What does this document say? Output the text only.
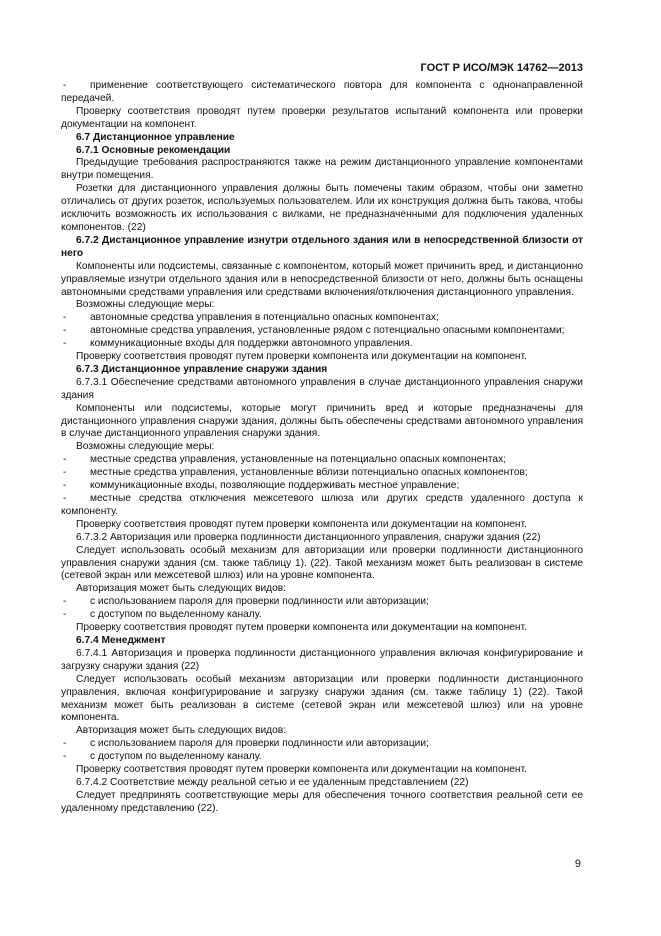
ГОСТ Р ИСО/МЭК 14762—2013

- применение соответствующего систематического повтора для компонента с однонаправленной передачей.

Проверку соответствия проводят путем проверки результатов испытаний компонента или проверки документации на компонент.

6.7 Дистанционное управление

6.7.1 Основные рекомендации

Предыдущие требования распространяются также на режим дистанционного управление компонентами внутри помещения.

Розетки для дистанционного управления должны быть помечены таким образом, чтобы они заметно отличались от других розеток, используемых пользователем. Или их конструкция должна быть такова, чтобы исключить возможность их использования с вилками, не предназначенными для подключения удаленных компонентов. (22)

6.7.2 Дистанционное управление изнутри отдельного здания или в непосредственной близости от него

Компоненты или подсистемы, связанные с компонентом, который может причинить вред, и дистанционно управляемые изнутри отдельного здания или в непосредственной близости от него, должны быть оснащены автономными средствами управления или средствами включения/отключения дистанционного управления.

Возможны следующие меры:

-	автономные средства управления в потенциально опасных компонентах;

- автономные средства управления, установленные рядом с потенциально опасными компонентами;

-	коммуникационные входы для поддержки автономного управления.

Проверку соответствия проводят путем проверки компонента или документации на компонент.

6.7.3 Дистанционное управление снаружи здания

6.7.3.1 Обеспечение средствами автономного управления в случае дистанционного управления снаружи здания

Компоненты или подсистемы, которые могут причинить вред и которые предназначены для дистанционного управления снаружи здания, должны быть обеспечены средствами автономного управления в случае дистанционного управления снаружи здания.

Возможны следующие меры:

-	местные средства управления, установленные на потенциально опасных компонентах;

-	местные средства управления, установленные вблизи потенциально опасных компонентов;

-	коммуникационные входы, позволяющие поддерживать местное управление;

- местные средства отключения межсетевого шлюза или других средств удаленного доступа к компоненту.

Проверку соответствия проводят путем проверки компонента или документации на компонент.

6.7.3.2 Авторизация или проверка подлинности дистанционного управления, снаружи здания (22)

Следует использовать особый механизм для авторизации или проверки подлинности дистанционного управления снаружи здания (см. также таблицу 1). (22). Такой механизм может быть реализован в системе (сетевой экран или межсетевой шлюз) или на уровне компонента.

Авторизация может быть следующих видов:

-	с использованием пароля для проверки подлинности или авторизации;

-	с доступом по выделенному каналу.

Проверку соответствия проводят путем проверки компонента или документации на компонент.

6.7.4 Менеджмент

6.7.4.1 Авторизация и проверка подлинности дистанционного управления включая конфигурирование и загрузку снаружи здания (22)

Следует использовать особый механизм авторизации или проверки подлинности дистанционного управления, включая конфигурирование и загрузку снаружи здания (см. также таблицу 1) (22). Такой механизм может быть реализован в системе (сетевой экран или межсетевой шлюз) или на уровне компонента.

Авторизация может быть следующих видов:

-	с использованием пароля для проверки подлинности или авторизации;

-	с доступом по выделенному каналу.

Проверку соответствия проводят путем проверки компонента или документации на компонент.

6.7.4.2 Соответствие между реальной сетью и ее удаленным представлением (22)

Следует предпринять соответствующие меры для обеспечения точного соответствия реальной сети ее удаленному представлению (22).

9
